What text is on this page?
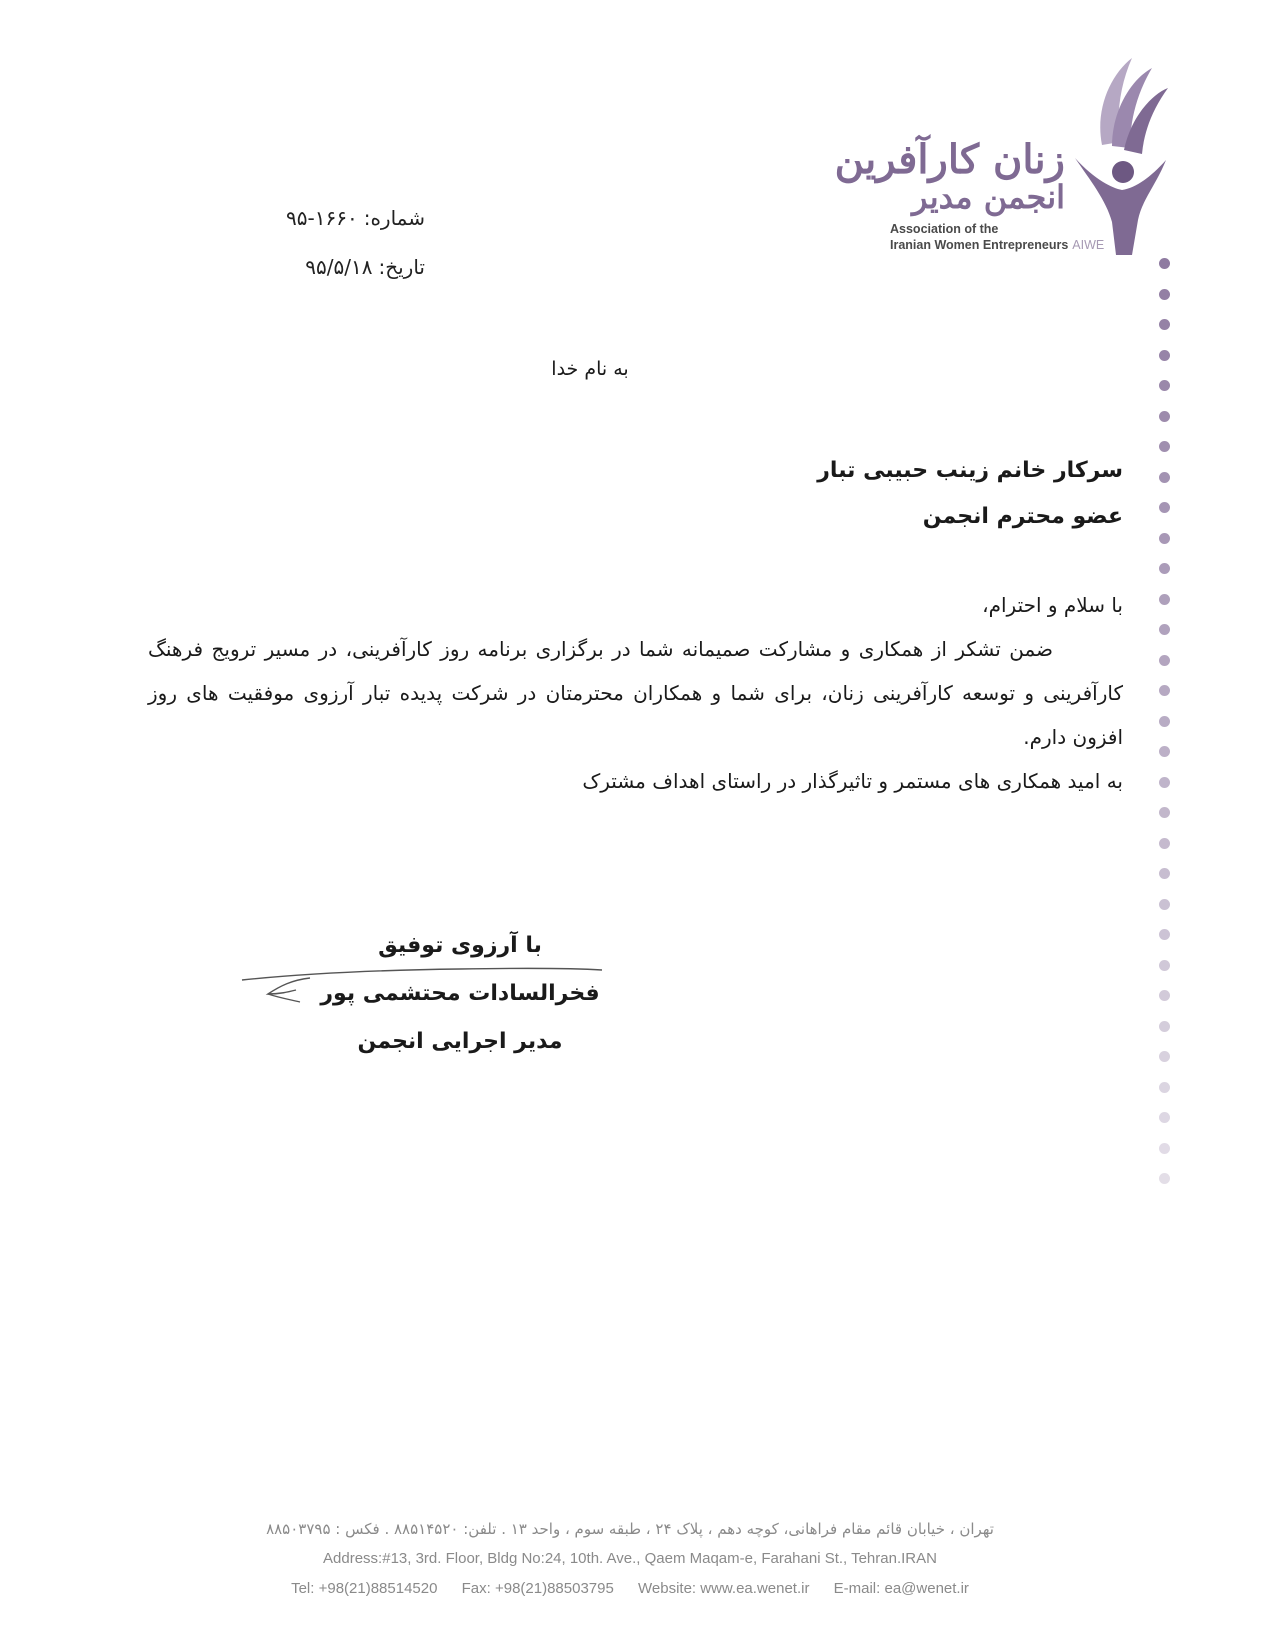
زنان کارآفرین
انجمن مدیر
Association of the
Iranian Women Entrepreneurs AIWE
شماره:۱۶۶۰-۹۵
تاریخ:۹۵/۵/۱۸
به نام خدا
سرکار خانم زینب حبیبی تبار
عضو محترم انجمن

با سلام و احترام،

ضمن تشکر از همکاری و مشارکت صمیمانه شما در برگزاری برنامه روز کارآفرینی، در مسیر ترویج فرهنگ کارآفرینی و توسعه کارآفرینی زنان، برای شما و همکاران محترمتان در شرکت پدیده تبار آرزوی موفقیت های روز افزون دارم.

به امید همکاری های مستمر و تاثیرگذار در راستای اهداف مشترک

با آرزوی توفیق
فخرالسادات محتشمی پور
مدیر اجرایی انجمن
تهران ، خیابان قائم مقام فراهانی، کوچه دهم ، پلاک ۲۴ ، طبقه سوم ، واحد ۱۳ . تلفن: ۸۸۵۱۴۵۲۰ . فکس : ۸۸۵۰۳۷۹۵
Address:#13, 3rd. Floor, Bldg No:24, 10th. Ave., Qaem Maqam-e, Farahani St., Tehran.IRAN
Tel: +98(21)88514520 Fax: +98(21)88503795 Website: www.ea.wenet.ir E-mail: ea@wenet.ir
